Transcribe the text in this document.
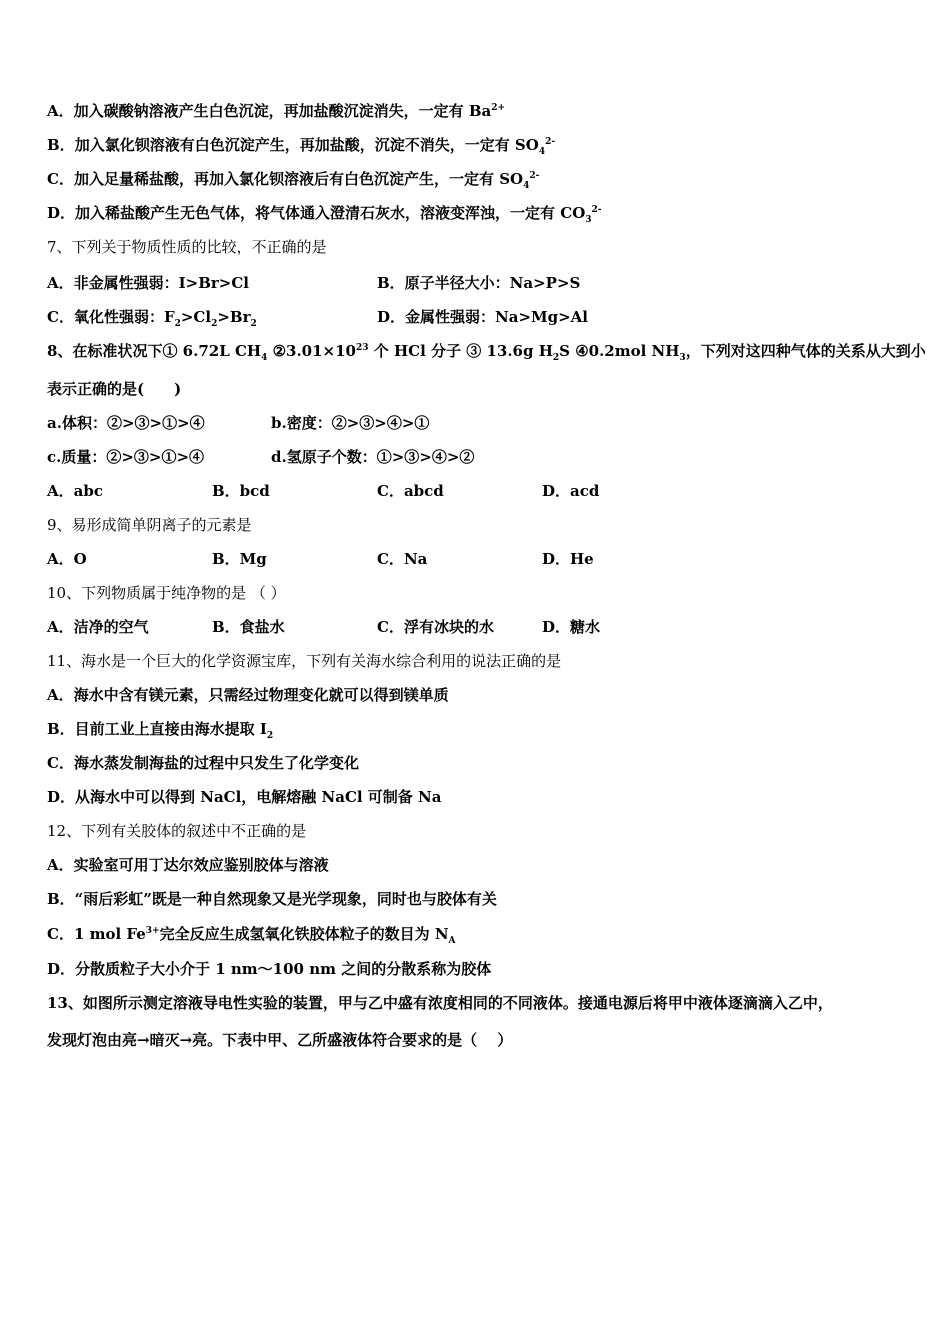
A．加入碳酸钠溶液产生白色沉淀，再加盐酸沉淀消失，一定有 $Ba^{2+}$
B．加入氯化钡溶液有白色沉淀产生，再加盐酸，沉淀不消失，一定有 $SO_4^{2-}$
C．加入足量稀盐酸，再加入氯化钡溶液后有白色沉淀产生，一定有 $SO_4^{2-}$
D．加入稀盐酸产生无色气体，将气体通入澄清石灰水，溶液变浑浊，一定有 $CO_3^{2-}$
7、下列关于物质性质的比较，不正确的是
A．非金属性强弱：I>Br>Cl	B．原子半径大小：Na>P>S
C．氧化性强弱：$F_2>Cl_2>Br_2$	D．金属性强弱：Na>Mg>Al
8、在标准状况下① 6.72L $CH_4$ $②3.01\times 10^{23}$ 个 HCl 分子 ③ 13.6g $H_2S$ ④0.2mol $NH_3$，下列对这四种气体的关系从大到小
表示正确的是(　　)
a.体积：②>③>①>④	b.密度：②>③>④>①
c.质量：②>③>①>④	d.氢原子个数：①>③>④>②
A．abc	B．bcd	C．abcd	D．acd
9、易形成简单阴离子的元素是
A．O	B．Mg	C．Na	D．He
10、下列物质属于纯净物的是 （ ）
A．洁净的空气	B．食盐水	C．浮有冰块的水	D．糖水
11、海水是一个巨大的化学资源宝库，下列有关海水综合利用的说法正确的是
A．海水中含有镁元素，只需经过物理变化就可以得到镁单质
B．目前工业上直接由海水提取 $I_2$
C．海水蒸发制海盐的过程中只发生了化学变化
D．从海水中可以得到 NaCl，电解熔融 NaCl 可制备 Na
12、下列有关胶体的叙述中不正确的是
A．实验室可用丁达尔效应鉴别胶体与溶液
B．“雨后彩虹”既是一种自然现象又是光学现象，同时也与胶体有关
C．1 mol $Fe^{3+}$完全反应生成氢氧化铁胶体粒子的数目为 $N_A$
D．分散质粒子大小介于 1 nm～100 nm 之间的分散系称为胶体
13、如图所示测定溶液导电性实验的装置，甲与乙中盛有浓度相同的不同液体。接通电源后将甲中液体逐滴滴入乙中，
发现灯泡由亮→暗灭→亮。下表中甲、乙所盛液体符合要求的是（　 ）
